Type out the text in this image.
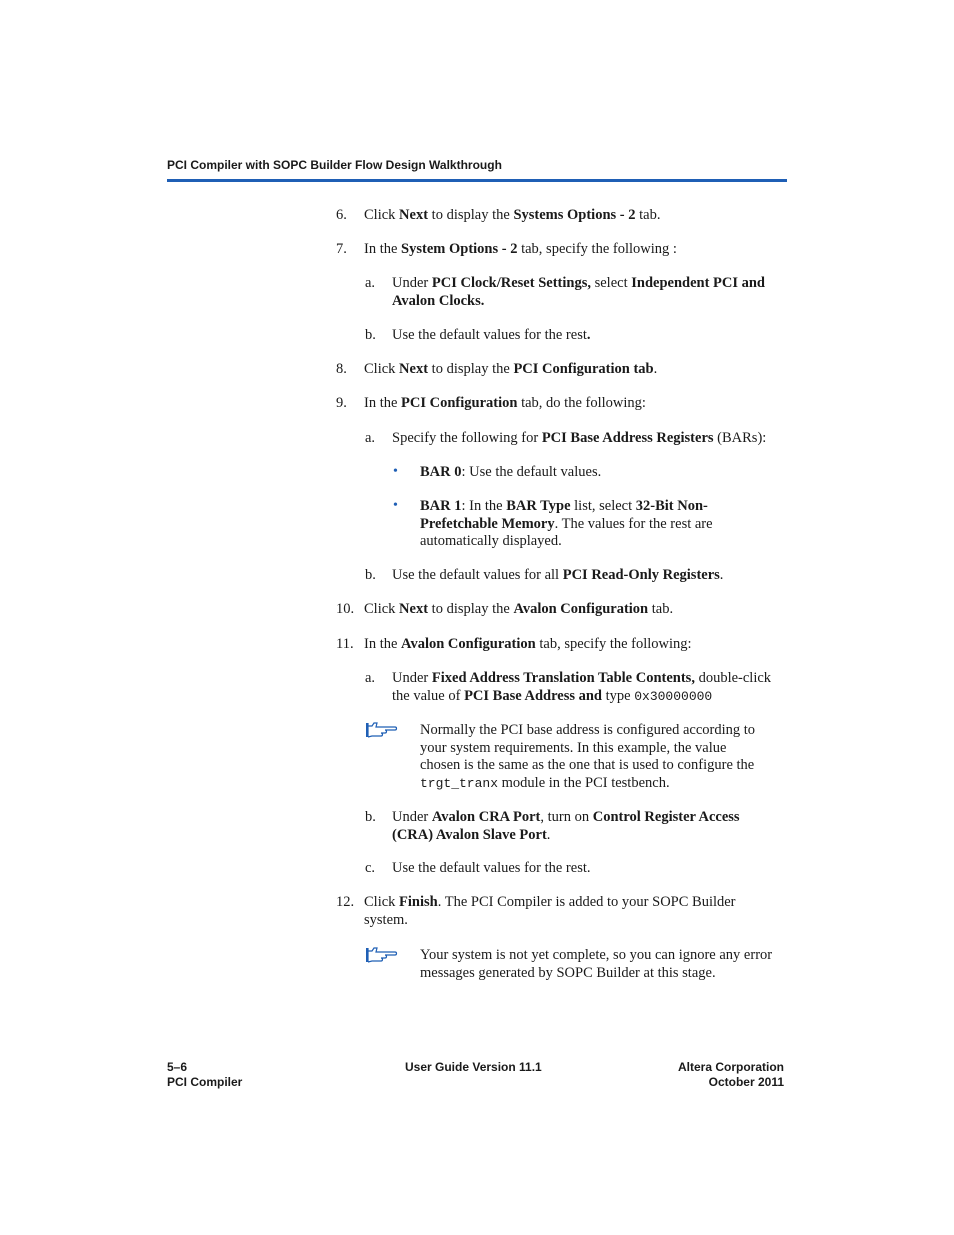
PCI Compiler with SOPC Builder Flow Design Walkthrough
6. Click Next to display the Systems Options - 2 tab.
7. In the System Options - 2 tab, specify the following :
a. Under PCI Clock/Reset Settings, select Independent PCI and
Avalon Clocks.
b. Use the default values for the rest.
8. Click Next to display the PCI Configuration tab.
9. In the PCI Configuration tab, do the following:
a. Specify the following for PCI Base Address Registers (BARs):
• BAR 0: Use the default values.
• BAR 1: In the BAR Type list, select 32-Bit Non-
Prefetchable Memory. The values for the rest are
automatically displayed.
b. Use the default values for all PCI Read-Only Registers.
10. Click Next to display the Avalon Configuration tab.
11. In the Avalon Configuration tab, specify the following:
a. Under Fixed Address Translation Table Contents, double-click
the value of PCI Base Address and type 0x30000000
Normally the PCI base address is configured according to
your system requirements. In this example, the value
chosen is the same as the one that is used to configure the
trgt_tranx module in the PCI testbench.
b. Under Avalon CRA Port, turn on Control Register Access
(CRA) Avalon Slave Port.
c. Use the default values for the rest.
12. Click Finish. The PCI Compiler is added to your SOPC Builder
system.
Your system is not yet complete, so you can ignore any error
messages generated by SOPC Builder at this stage.
5–6
PCI Compiler
User Guide Version 11.1	Altera Corporation
October 2011
